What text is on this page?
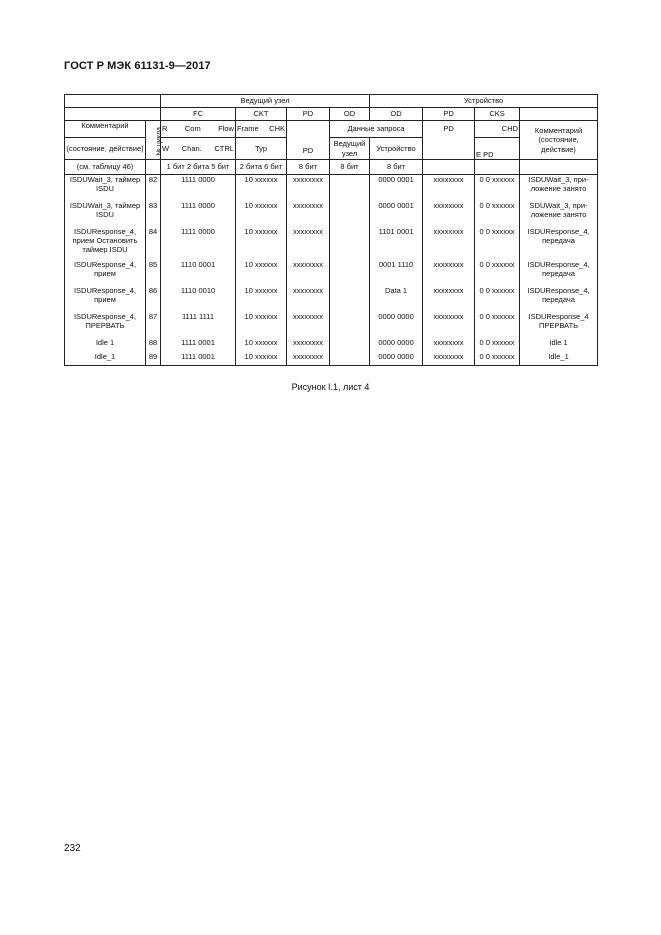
ГОСТ Р МЭК 61131-9—2017
		Ведущий узел				Устройство			
		FC	CKT	PD	OD	OD	PD	CKS	
Комментарий	№ цикла	R Com Flow	Frame CHK	PD	Данные запроса		PD	CHD	Комментарий (состояние, действие)
(состояние, действие)		W Chan. CTRL	Typ		Ведущий узел	Устройство		E PD	
(см. таблицу 46)		1 бит 2 бита 5 бит	2 бита 6 бит	8 бит	8 бит	8 бит			
ISDUWait_3, таймер ISDU	82	1111 0000	10 xxxxxx	xxxxxxxx		0000 0001	xxxxxxxx	0 0 xxxxxx	ISDUWait_3, при-ложение занято
ISDUWait_3, таймер ISDU	83	1111 0000	10 xxxxxx	xxxxxxxx		0000 0001	xxxxxxxx	0 0 xxxxxx	SDUWait_3, при-ложение занято
ISDUResponse_4, прием Остановить таймер ISDU	84	1111 0000	10 xxxxxx	xxxxxxxx		1101 0001	xxxxxxxx	0 0 xxxxxx	ISDUResponse_4, передача
ISDUResponse_4, прием	85	1110 0001	10 xxxxxx	xxxxxxxx		0001 1110	xxxxxxxx	0 0 xxxxxx	ISDUResponse_4, передача
ISDUResponse_4, прием	86	1110 0010	10 xxxxxx	xxxxxxxx		Data 1	xxxxxxxx	0 0 xxxxxx	ISDUResponse_4, передача
ISDUResponse_4, ПРЕРВАТЬ	87	1111 1111	10 xxxxxx	xxxxxxxx		0000 0000	xxxxxxxx	0 0 xxxxxx	ISDUResponse_4 ПРЕРВАТЬ
Idle 1	88	1111 0001	10 xxxxxx	xxxxxxxx		0000 0000	xxxxxxxx	0 0 xxxxxx	Idle 1
Idle_1	89	1111 0001	10 xxxxxx	xxxxxxxx		0000 0000	xxxxxxxx	0 0 xxxxxx	Idle_1
Рисунок I.1, лист 4
232
